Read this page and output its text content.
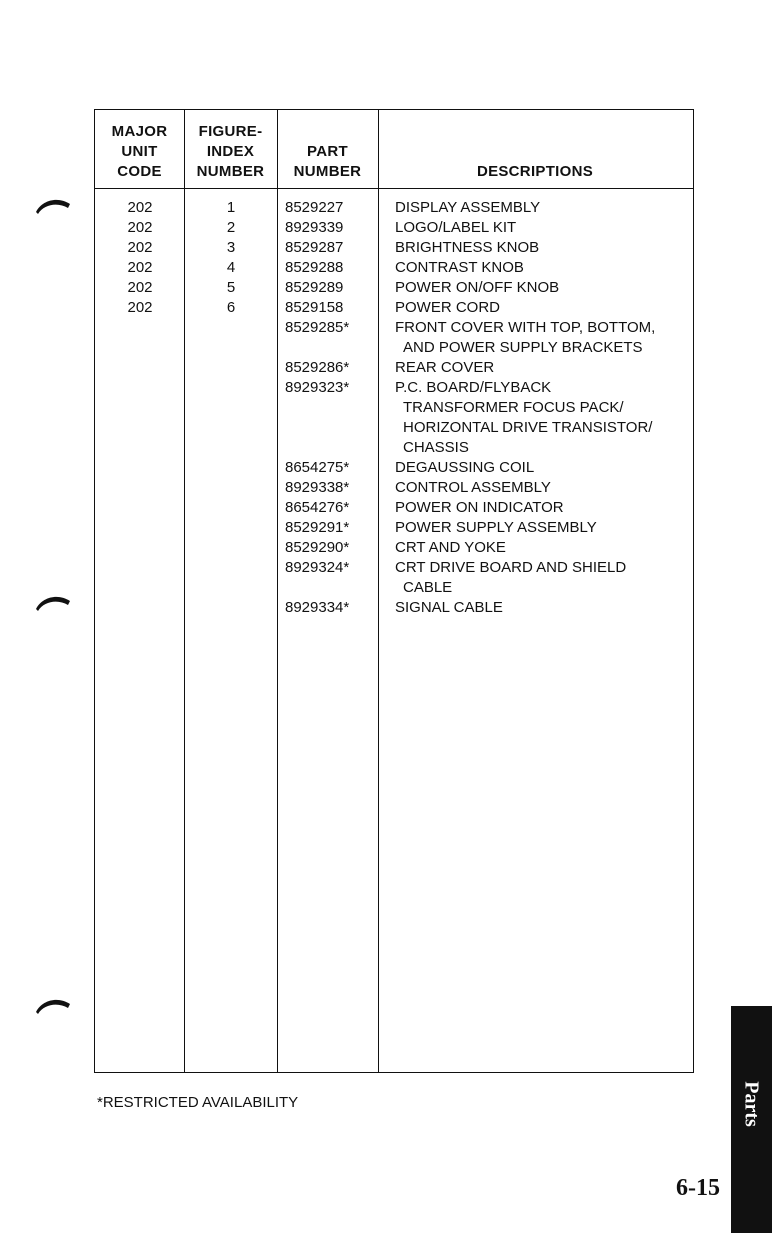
MAJOR
UNIT
CODE
FIGURE-
INDEX
NUMBER
PART
NUMBER	DESCRIPTIONS
202
202
202
202
202
202
1
2
3
4
5
6
8529227
8929339
8529287
8529288
8529289
8529158
8529285*
8529286*
8929323*
8654275*
8929338*
8654276*
8529291*
8529290*
8929324*
8929334*
DISPLAY ASSEMBLY
LOGO/LABEL KIT
BRIGHTNESS KNOB
CONTRAST KNOB
POWER ON/OFF KNOB
POWER CORD
FRONT COVER WITH TOP, BOTTOM,
AND POWER SUPPLY BRACKETS
REAR COVER
P.C. BOARD/FLYBACK
TRANSFORMER FOCUS PACK/
HORIZONTAL DRIVE TRANSISTOR/
CHASSIS
DEGAUSSING COIL
CONTROL ASSEMBLY
POWER ON INDICATOR
POWER SUPPLY ASSEMBLY
CRT AND YOKE
CRT DRIVE BOARD AND SHIELD
CABLE
SIGNAL CABLE
*RESTRICTED AVAILABILITY	Parts
6-15
